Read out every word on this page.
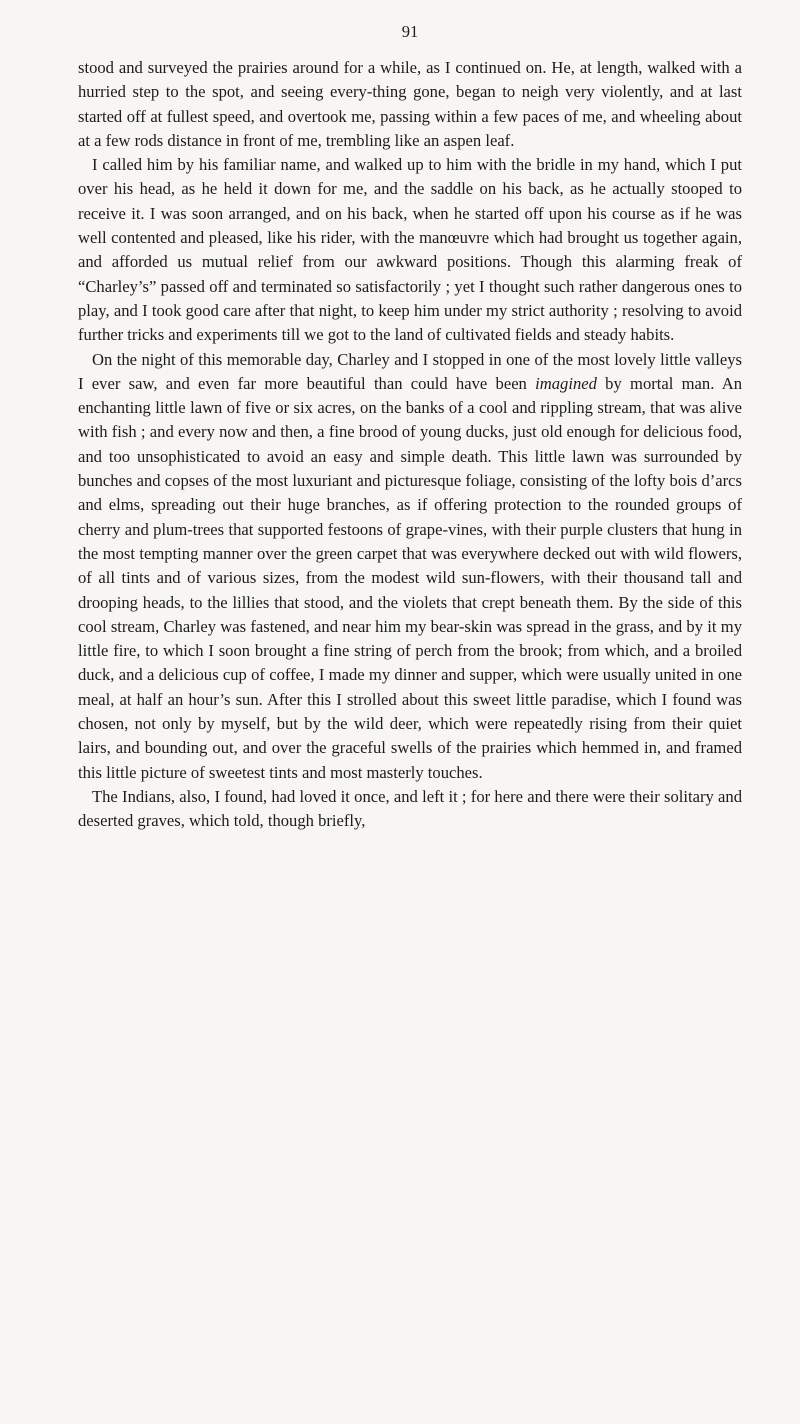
91

stood and surveyed the prairies around for a while, as I continued on. He, at length, walked with a hurried step to the spot, and seeing every-thing gone, began to neigh very violently, and at last started off at fullest speed, and overtook me, passing within a few paces of me, and wheeling about at a few rods distance in front of me, trembling like an aspen leaf.

I called him by his familiar name, and walked up to him with the bridle in my hand, which I put over his head, as he held it down for me, and the saddle on his back, as he actually stooped to receive it. I was soon arranged, and on his back, when he started off upon his course as if he was well contented and pleased, like his rider, with the manœuvre which had brought us together again, and afforded us mutual relief from our awkward positions. Though this alarming freak of “Charley’s” passed off and terminated so satisfactorily ; yet I thought such rather dangerous ones to play, and I took good care after that night, to keep him under my strict authority ; resolving to avoid further tricks and experiments till we got to the land of cultivated fields and steady habits.

On the night of this memorable day, Charley and I stopped in one of the most lovely little valleys I ever saw, and even far more beautiful than could have been imagined by mortal man. An enchanting little lawn of five or six acres, on the banks of a cool and rippling stream, that was alive with fish ; and every now and then, a fine brood of young ducks, just old enough for delicious food, and too unsophisticated to avoid an easy and simple death. This little lawn was surrounded by bunches and copses of the most luxuriant and picturesque foliage, consisting of the lofty bois d’arcs and elms, spreading out their huge branches, as if offering protection to the rounded groups of cherry and plum-trees that supported festoons of grape-vines, with their purple clusters that hung in the most tempting manner over the green carpet that was everywhere decked out with wild flowers, of all tints and of various sizes, from the modest wild sun-flowers, with their thousand tall and drooping heads, to the lillies that stood, and the violets that crept beneath them. By the side of this cool stream, Charley was fastened, and near him my bear-skin was spread in the grass, and by it my little fire, to which I soon brought a fine string of perch from the brook; from which, and a broiled duck, and a delicious cup of coffee, I made my dinner and supper, which were usually united in one meal, at half an hour’s sun. After this I strolled about this sweet little paradise, which I found was chosen, not only by myself, but by the wild deer, which were repeatedly rising from their quiet lairs, and bounding out, and over the graceful swells of the prairies which hemmed in, and framed this little picture of sweetest tints and most masterly touches.

The Indians, also, I found, had loved it once, and left it ; for here and there were their solitary and deserted graves, which told, though briefly,
